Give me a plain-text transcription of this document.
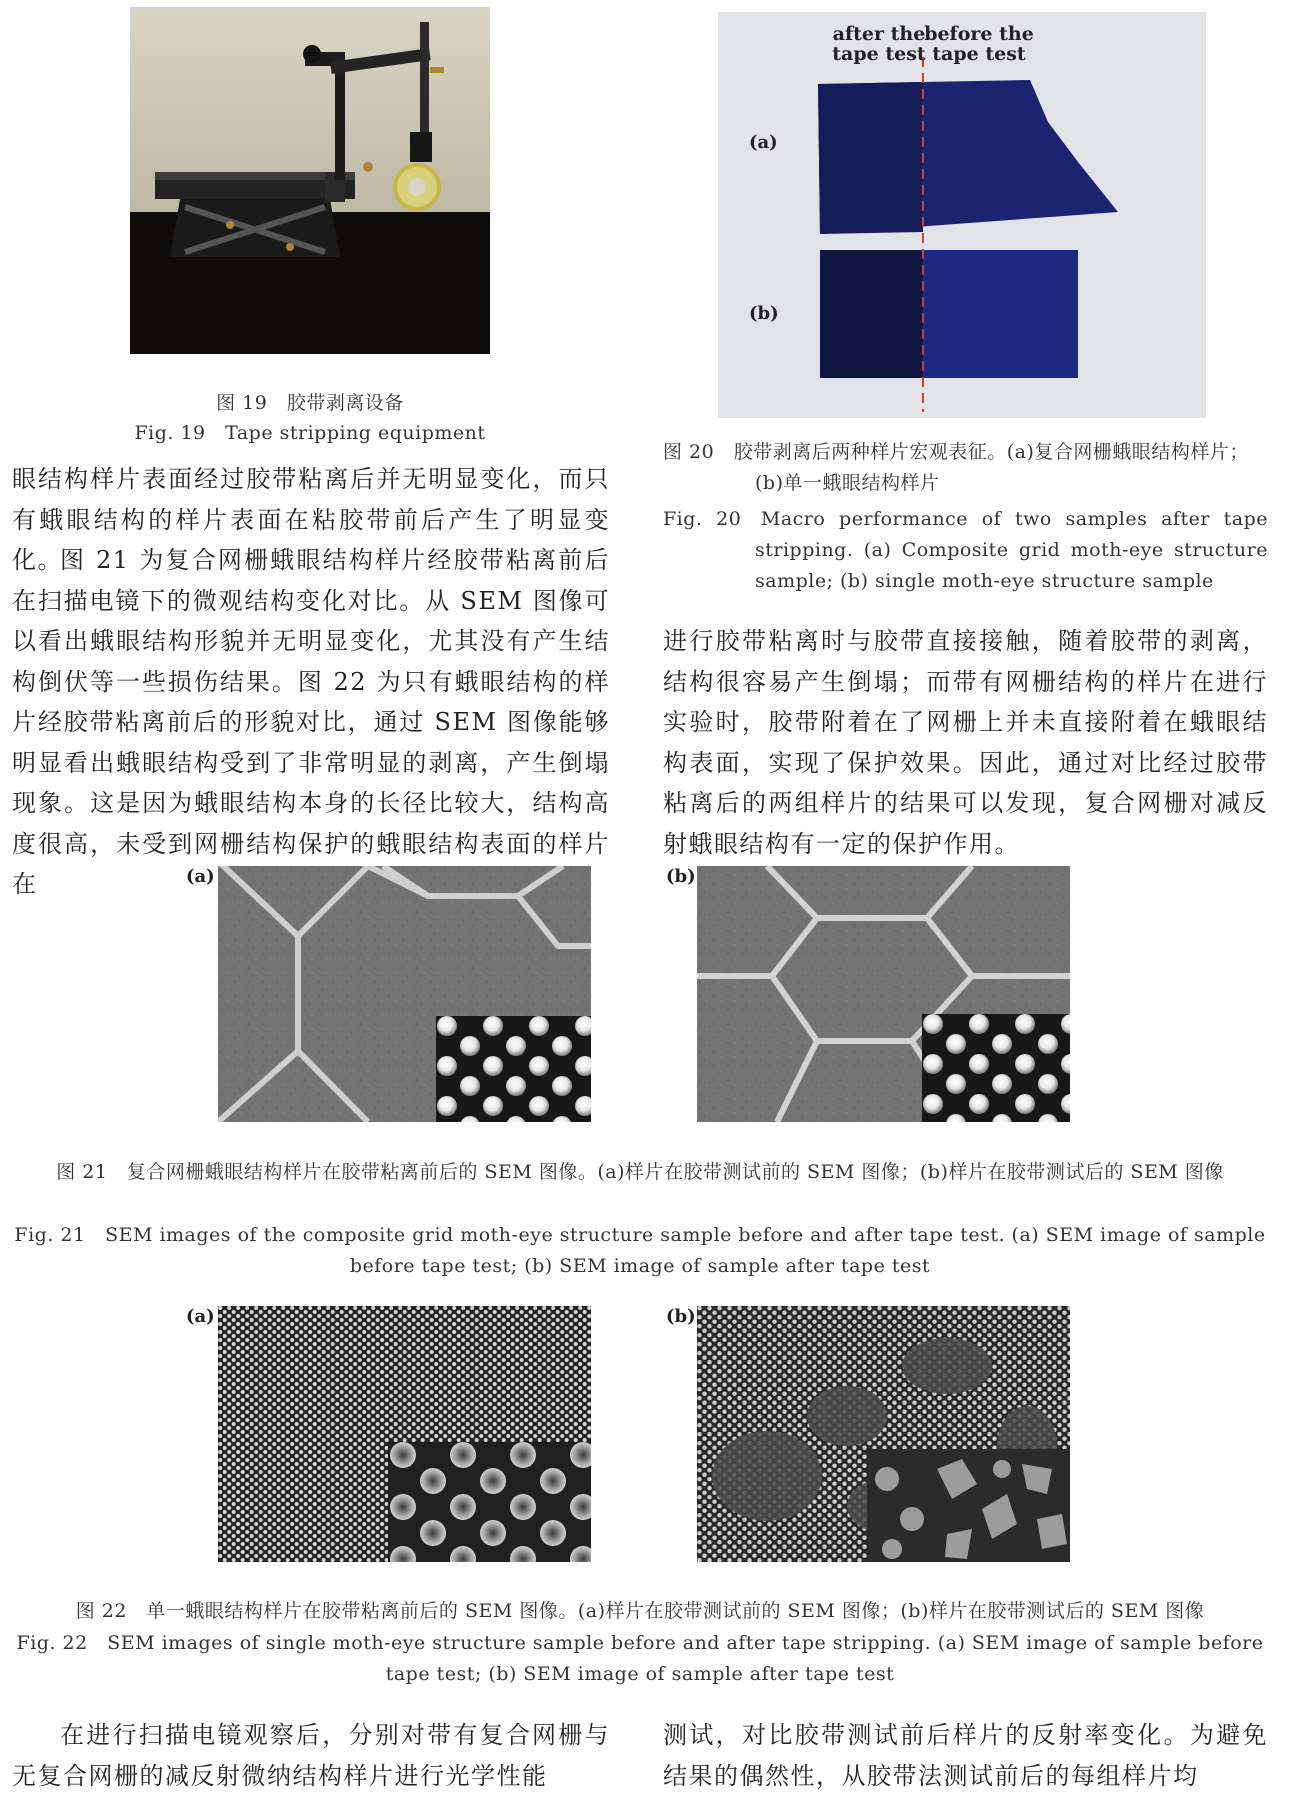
图 19　胶带剥离设备

Fig. 19　Tape stripping equipment

after the tape test
before the tape test
(a)
(b)
图 20  胶带剥离后两种样片宏观表征。(a)复合网栅蛾眼结构样片；(b)单一蛾眼结构样片
Fig. 20  Macro performance of two samples after tape stripping. (a) Composite grid moth-eye structure sample; (b) single moth-eye structure sample

眼结构样片表面经过胶带粘离后并无明显变化，而只有蛾眼结构的样片表面在粘胶带前后产生了明显变化。

图 21 为复合网栅蛾眼结构样片经胶带粘离前后在扫描电镜下的微观结构变化对比。从 SEM 图像可以看出蛾眼结构形貌并无明显变化，尤其没有产生结构倒伏等一些损伤结果。图 22 为只有蛾眼结构的样片经胶带粘离前后的形貌对比，通过 SEM 图像能够明显看出蛾眼结构受到了非常明显的剥离，产生倒塌现象。这是因为蛾眼结构本身的长径比较大，结构高度很高，未受到网栅结构保护的蛾眼结构表面的样片在

进行胶带粘离时与胶带直接接触，随着胶带的剥离，结构很容易产生倒塌；而带有网栅结构的样片在进行实验时，胶带附着在了网栅上并未直接附着在蛾眼结构表面，实现了保护效果。因此，通过对比经过胶带粘离后的两组样片的结果可以发现，复合网栅对减反射蛾眼结构有一定的保护作用。

(a)	(b)
图 21　复合网栅蛾眼结构样片在胶带粘离前后的 SEM 图像。(a)样片在胶带测试前的 SEM 图像；(b)样片在胶带测试后的 SEM 图像
Fig. 21　SEM images of the composite grid moth-eye structure sample before and after tape test. (a) SEM image of sample before tape test; (b) SEM image of sample after tape test
(a)	(b)
图 22　单一蛾眼结构样片在胶带粘离前后的 SEM 图像。(a)样片在胶带测试前的 SEM 图像；(b)样片在胶带测试后的 SEM 图像
Fig. 22　SEM images of single moth-eye structure sample before and after tape stripping. (a) SEM image of sample before tape test; (b) SEM image of sample after tape test

在进行扫描电镜观察后，分别对带有复合网栅与无复合网栅的减反射微纳结构样片进行光学性能

测试，对比胶带测试前后样片的反射率变化。为避免结果的偶然性，从胶带法测试前后的每组样片均
